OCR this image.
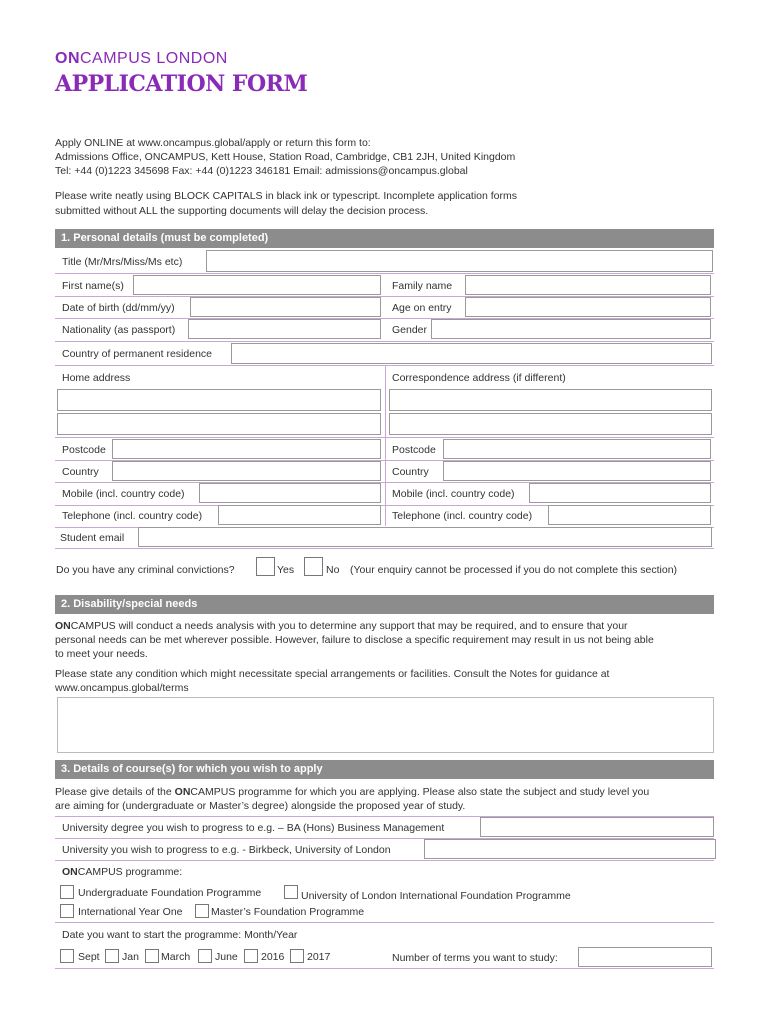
ONCAMPUS LONDON
APPLICATION FORM
Apply ONLINE at www.oncampus.global/apply or return this form to:
Admissions Office, ONCAMPUS, Kett House, Station Road, Cambridge, CB1 2JH, United Kingdom
Tel: +44 (0)1223 345698 Fax: +44 (0)1223 346181 Email: admissions@oncampus.global
Please write neatly using BLOCK CAPITALS in black ink or typescript. Incomplete application forms
submitted without ALL the supporting documents will delay the decision process.
1. Personal details (must be completed)
Title (Mr/Mrs/Miss/Ms etc)
First name(s)	Family name
Date of birth (dd/mm/yy)	Age on entry
Nationality (as passport)	Gender
Country of permanent residence
Home address	Correspondence address (if different)
Postcode	Postcode
Country	Country
Mobile (incl. country code)	Mobile (incl. country code)
Telephone (incl. country code)	Telephone (incl. country code)
Student email
Do you have any criminal convictions?	Yes	No (Your enquiry cannot be processed if you do not complete this section)
2. Disability/special needs
ONCAMPUS will conduct a needs analysis with you to determine any support that may be required, and to ensure that your
personal needs can be met wherever possible. However, failure to disclose a specific requirement may result in us not being able
to meet your needs.
Please state any condition which might necessitate special arrangements or facilities. Consult the Notes for guidance at
www.oncampus.global/terms
3. Details of course(s) for which you wish to apply
Please give details of the ONCAMPUS programme for which you are applying. Please also state the subject and study level you
are aiming for (undergraduate or Master’s degree) alongside the proposed year of study.
University degree you wish to progress to e.g. – BA (Hons) Business Management
University you wish to progress to e.g. - Birkbeck, University of London
ONCAMPUS programme:
Undergraduate Foundation Programme	University of London International Foundation Programme
International Year One	Master’s Foundation Programme
Date you want to start the programme: Month/Year
Sept Jan March June 2016 2017	Number of terms you want to study:
